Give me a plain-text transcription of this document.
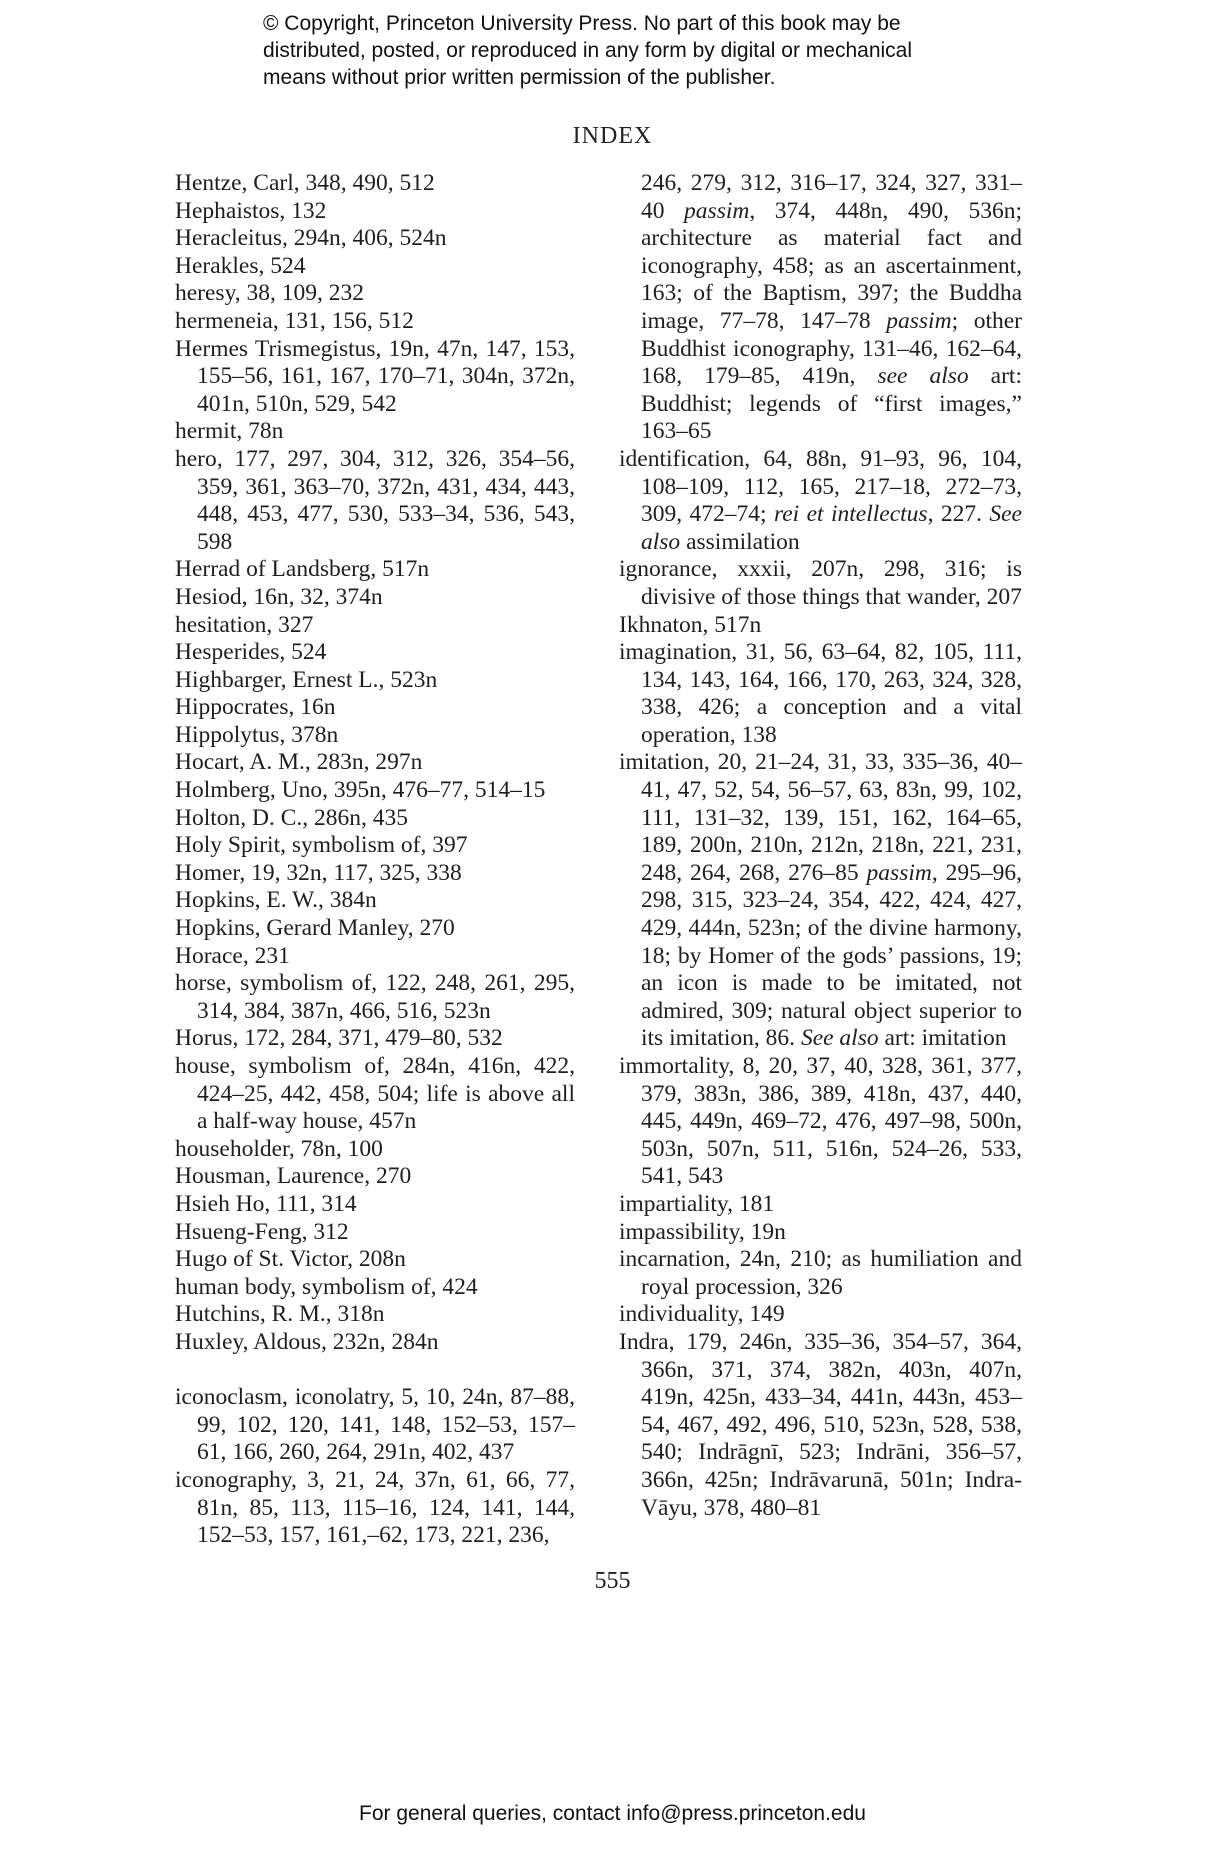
© Copyright, Princeton University Press. No part of this book may be
distributed, posted, or reproduced in any form by digital or mechanical
means without prior written permission of the publisher.
INDEX

Hentze, Carl, 348, 490, 512

Hephaistos, 132

Heracleitus, 294n, 406, 524n

Herakles, 524

heresy, 38, 109, 232

hermeneia, 131, 156, 512

Hermes Trismegistus, 19n, 47n, 147, 153, 155–56, 161, 167, 170–71, 304n, 372n, 401n, 510n, 529, 542

hermit, 78n

hero, 177, 297, 304, 312, 326, 354–56, 359, 361, 363–70, 372n, 431, 434, 443, 448, 453, 477, 530, 533–34, 536, 543, 598

Herrad of Landsberg, 517n

Hesiod, 16n, 32, 374n

hesitation, 327

Hesperides, 524

Highbarger, Ernest L., 523n

Hippocrates, 16n

Hippolytus, 378n

Hocart, A. M., 283n, 297n

Holmberg, Uno, 395n, 476–77, 514–15

Holton, D. C., 286n, 435

Holy Spirit, symbolism of, 397

Homer, 19, 32n, 117, 325, 338

Hopkins, E. W., 384n

Hopkins, Gerard Manley, 270

Horace, 231

horse, symbolism of, 122, 248, 261, 295, 314, 384, 387n, 466, 516, 523n

Horus, 172, 284, 371, 479–80, 532

house, symbolism of, 284n, 416n, 422, 424–25, 442, 458, 504; life is above all a half-way house, 457n

householder, 78n, 100

Housman, Laurence, 270

Hsieh Ho, 111, 314

Hsueng-Feng, 312

Hugo of St. Victor, 208n

human body, symbolism of, 424

Hutchins, R. M., 318n

Huxley, Aldous, 232n, 284n

iconoclasm, iconolatry, 5, 10, 24n, 87–88, 99, 102, 120, 141, 148, 152–53, 157–61, 166, 260, 264, 291n, 402, 437

iconography, 3, 21, 24, 37n, 61, 66, 77, 81n, 85, 113, 115–16, 124, 141, 144, 152–53, 157, 161,–62, 173, 221, 236,

246, 279, 312, 316–17, 324, 327, 331–40 passim, 374, 448n, 490, 536n; architecture as material fact and iconography, 458; as an ascertainment, 163; of the Baptism, 397; the Buddha image, 77–78, 147–78 passim; other Buddhist iconography, 131–46, 162–64, 168, 179–85, 419n, see also art: Buddhist; legends of “first images,” 163–65

identification, 64, 88n, 91–93, 96, 104, 108–109, 112, 165, 217–18, 272–73, 309, 472–74; rei et intellectus, 227. See also assimilation

ignorance, xxxii, 207n, 298, 316; is divisive of those things that wander, 207

Ikhnaton, 517n

imagination, 31, 56, 63–64, 82, 105, 111, 134, 143, 164, 166, 170, 263, 324, 328, 338, 426; a conception and a vital operation, 138

imitation, 20, 21–24, 31, 33, 335–36, 40–41, 47, 52, 54, 56–57, 63, 83n, 99, 102, 111, 131–32, 139, 151, 162, 164–65, 189, 200n, 210n, 212n, 218n, 221, 231, 248, 264, 268, 276–85 passim, 295–96, 298, 315, 323–24, 354, 422, 424, 427, 429, 444n, 523n; of the divine harmony, 18; by Homer of the gods’ passions, 19; an icon is made to be imitated, not admired, 309; natural object superior to its imitation, 86. See also art: imitation

immortality, 8, 20, 37, 40, 328, 361, 377, 379, 383n, 386, 389, 418n, 437, 440, 445, 449n, 469–72, 476, 497–98, 500n, 503n, 507n, 511, 516n, 524–26, 533, 541, 543

impartiality, 181

impassibility, 19n

incarnation, 24n, 210; as humiliation and royal procession, 326

individuality, 149

Indra, 179, 246n, 335–36, 354–57, 364, 366n, 371, 374, 382n, 403n, 407n, 419n, 425n, 433–34, 441n, 443n, 453–54, 467, 492, 496, 510, 523n, 528, 538, 540; Indrāgnī, 523; Indrāni, 356–57, 366n, 425n; Indrāvarunā, 501n; Indra-Vāyu, 378, 480–81

555
For general queries, contact info@press.princeton.edu
